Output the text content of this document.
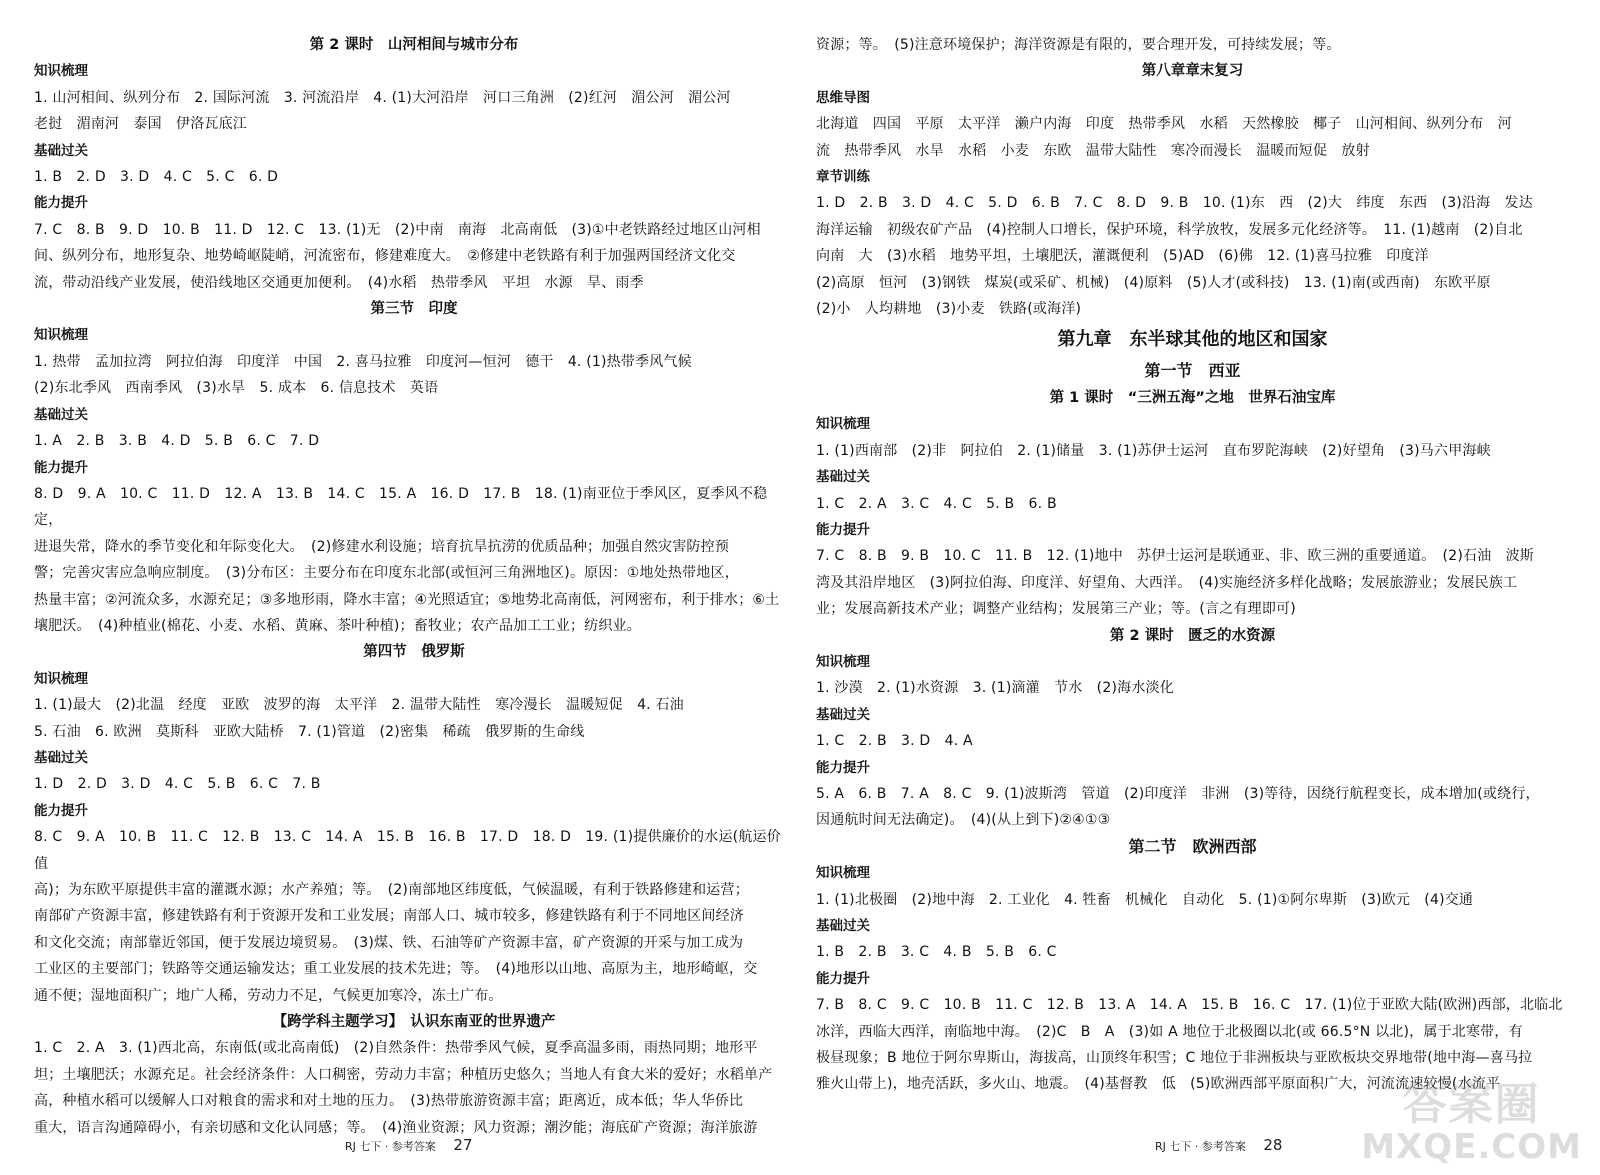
第 2 课时　山河相间与城市分布
知识梳理
1. 山河相间、纵列分布　2. 国际河流　3. 河流沿岸　4. (1)大河沿岸　河口三角洲　(2)红河　湄公河　湄公河
老挝　湄南河　泰国　伊洛瓦底江
基础过关
1. B　2. D　3. D　4. C　5. C　6. D
能力提升
7. C　8. B　9. D　10. B　11. D　12. C　13. (1)无　(2)中南　南海　北高南低　(3)①中老铁路经过地区山河相
间、纵列分布，地形复杂、地势崎岖陡峭，河流密布，修建难度大。　②修建中老铁路有利于加强两国经济文化交
流，带动沿线产业发展，使沿线地区交通更加便利。　(4)水稻　热带季风　平坦　水源　旱、雨季
第三节　印度
知识梳理
1. 热带　孟加拉湾　阿拉伯海　印度洋　中国　2. 喜马拉雅　印度河—恒河　德干　4. (1)热带季风气候
(2)东北季风　西南季风　(3)水旱　5. 成本　6. 信息技术　英语
基础过关
1. A　2. B　3. B　4. D　5. B　6. C　7. D
能力提升
8. D　9. A　10. C　11. D　12. A　13. B　14. C　15. A　16. D　17. B　18. (1)南亚位于季风区，夏季风不稳定，
进退失常，降水的季节变化和年际变化大。　(2)修建水利设施；培育抗旱抗涝的优质品种；加强自然灾害防控预
警；完善灾害应急响应制度。　(3)分布区：主要分布在印度东北部(或恒河三角洲地区)。原因：①地处热带地区，
热量丰富；②河流众多，水源充足；③多地形雨，降水丰富；④光照适宜；⑤地势北高南低，河网密布，利于排水；⑥土
壤肥沃。　(4)种植业(棉花、小麦、水稻、黄麻、茶叶种植)；畜牧业；农产品加工工业；纺织业。
第四节　俄罗斯
知识梳理
1. (1)最大　(2)北温　经度　亚欧　波罗的海　太平洋　2. 温带大陆性　寒冷漫长　温暖短促　4. 石油
5. 石油　6. 欧洲　莫斯科　亚欧大陆桥　7. (1)管道　(2)密集　稀疏　俄罗斯的生命线
基础过关
1. D　2. D　3. D　4. C　5. B　6. C　7. B
能力提升
8. C　9. A　10. B　11. C　12. B　13. C　14. A　15. B　16. B　17. D　18. D　19. (1)提供廉价的水运(航运价值
高)；为东欧平原提供丰富的灌溉水源；水产养殖；等。　(2)南部地区纬度低，气候温暖，有利于铁路修建和运营；
南部矿产资源丰富，修建铁路有利于资源开发和工业发展；南部人口、城市较多，修建铁路有利于不同地区间经济
和文化交流；南部靠近邻国，便于发展边境贸易。　(3)煤、铁、石油等矿产资源丰富，矿产资源的开采与加工成为
工业区的主要部门；铁路等交通运输发达；重工业发展的技术先进；等。　(4)地形以山地、高原为主，地形崎岖，交
通不便；湿地面积广；地广人稀，劳动力不足，气候更加寒冷，冻土广布。
【跨学科主题学习】　认识东南亚的世界遗产
1. C　2. A　3. (1)西北高，东南低(或北高南低)　(2)自然条件：热带季风气候，夏季高温多雨，雨热同期；地形平
坦；土壤肥沃；水源充足。社会经济条件：人口稠密，劳动力丰富；种植历史悠久；当地人有食大米的爱好；水稻单产
高，种植水稻可以缓解人口对粮食的需求和对土地的压力。　(3)热带旅游资源丰富；距离近，成本低；华人华侨比
重大，语言沟通障碍小，有亲切感和文化认同感；等。　(4)渔业资源；风力资源；潮汐能；海底矿产资源；海洋旅游
资源；等。　(5)注意环境保护；海洋资源是有限的，要合理开发，可持续发展；等。
第八章章末复习
思维导图
北海道　四国　平原　太平洋　濑户内海　印度　热带季风　水稻　天然橡胶　椰子　山河相间、纵列分布　河
流　热带季风　水旱　水稻　小麦　东欧　温带大陆性　寒冷而漫长　温暖而短促　放射
章节训练
1. D　2. B　3. D　4. C　5. D　6. B　7. C　8. D　9. B　10. (1)东　西　(2)大　纬度　东西　(3)沿海　发达
海洋运输　初级农矿产品　(4)控制人口增长，保护环境，科学放牧，发展多元化经济等。　11. (1)越南　(2)自北
向南　大　(3)水稻　地势平坦，土壤肥沃，灌溉便利　(5)AD　(6)佛　12. (1)喜马拉雅　印度洋
(2)高原　恒河　(3)钢铁　煤炭(或采矿、机械)　(4)原料　(5)人才(或科技)　13. (1)南(或西南)　东欧平原
(2)小　人均耕地　(3)小麦　铁路(或海洋)
第九章　东半球其他的地区和国家
第一节　西亚
第 1 课时　“三洲五海”之地　世界石油宝库
知识梳理
1. (1)西南部　(2)非　阿拉伯　2. (1)储量　3. (1)苏伊士运河　直布罗陀海峡　(2)好望角　(3)马六甲海峡
基础过关
1. C　2. A　3. C　4. C　5. B　6. B
能力提升
7. C　8. B　9. B　10. C　11. B　12. (1)地中　苏伊士运河是联通亚、非、欧三洲的重要通道。　(2)石油　波斯
湾及其沿岸地区　(3)阿拉伯海、印度洋、好望角、大西洋。　(4)实施经济多样化战略；发展旅游业；发展民族工
业；发展高新技术产业；调整产业结构；发展第三产业；等。(言之有理即可)
第 2 课时　匮乏的水资源
知识梳理
1. 沙漠　2. (1)水资源　3. (1)滴灌　节水　(2)海水淡化
基础过关
1. C　2. B　3. D　4. A
能力提升
5. A　6. B　7. A　8. C　9. (1)波斯湾　管道　(2)印度洋　非洲　(3)等待，因绕行航程变长，成本增加(或绕行，
因通航时间无法确定)。　(4)(从上到下)②④①③
第二节　欧洲西部
知识梳理
1. (1)北极圈　(2)地中海　2. 工业化　4. 牲畜　机械化　自动化　5. (1)①阿尔卑斯　(3)欧元　(4)交通
基础过关
1. B　2. B　3. C　4. B　5. B　6. C
能力提升
7. B　8. C　9. C　10. B　11. C　12. B　13. A　14. A　15. B　16. C　17. (1)位于亚欧大陆(欧洲)西部，北临北
冰洋，西临大西洋，南临地中海。　(2)C　B　A　(3)如 A 地位于北极圈以北(或 66.5°N 以北)，属于北寒带，有
极昼现象；B 地位于阿尔卑斯山，海拔高，山顶终年积雪；C 地位于非洲板块与亚欧板块交界地带(地中海—喜马拉
雅火山带上)，地壳活跃，多火山、地震。　(4)基督教　低　(5)欧洲西部平原面积广大，河流流速较慢(水流平
RJ 七下 · 参考答案 27	RJ 七下 · 参考答案 28
答案圈
MXQE.COM
